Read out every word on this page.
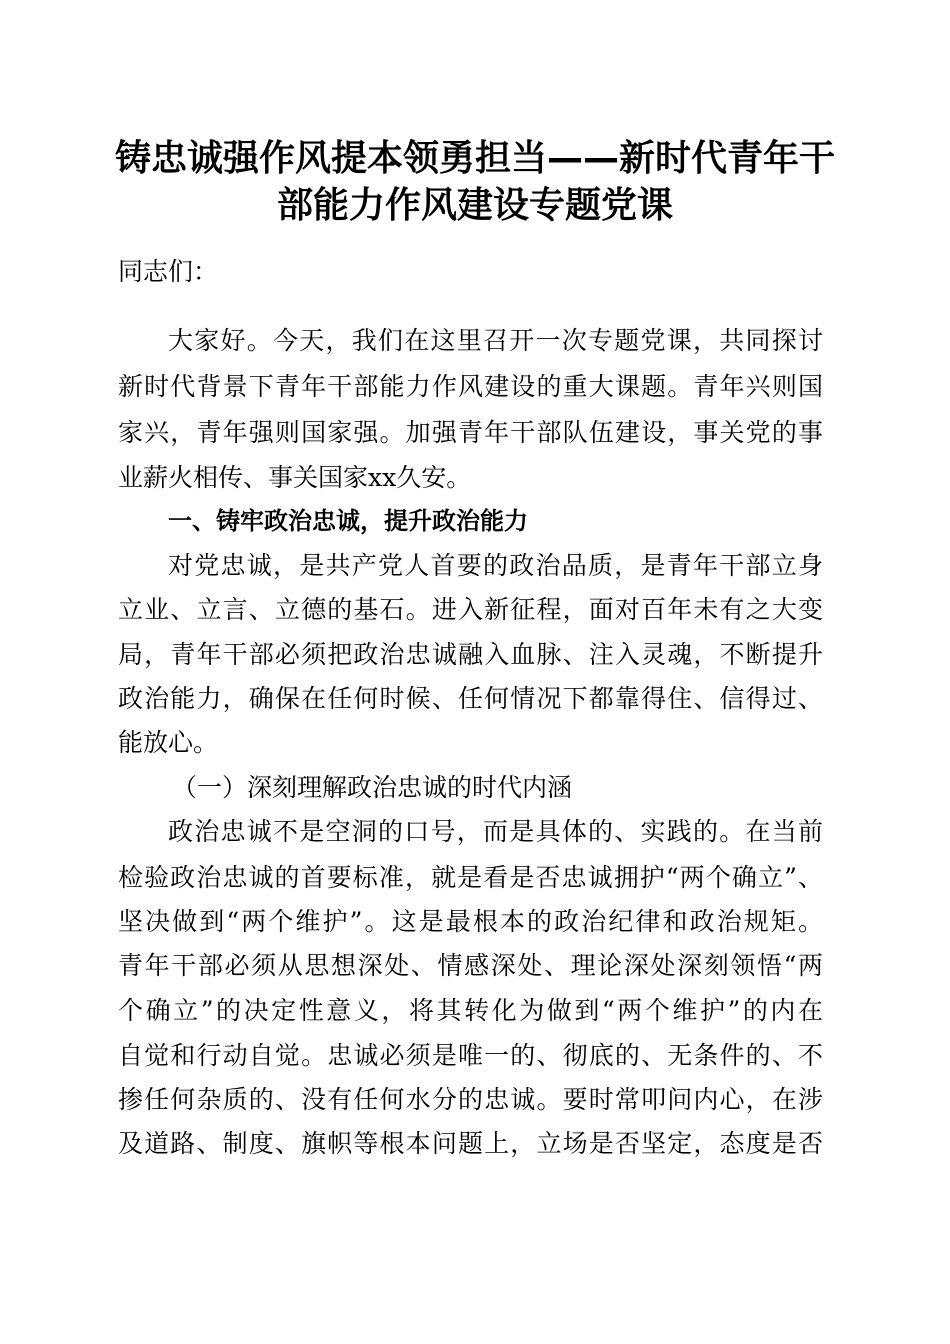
铸忠诚强作风提本领勇担当——新时代青年干
部能力作风建设专题党课
同志们：
大家好。今天，我们在这里召开一次专题党课，共同探讨
新时代背景下青年干部能力作风建设的重大课题。青年兴则国
家兴，青年强则国家强。加强青年干部队伍建设，事关党的事
业薪火相传、事关国家xx久安。
一、铸牢政治忠诚，提升政治能力
对党忠诚，是共产党人首要的政治品质，是青年干部立身
立业、立言、立德的基石。进入新征程，面对百年未有之大变
局，青年干部必须把政治忠诚融入血脉、注入灵魂，不断提升
政治能力，确保在任何时候、任何情况下都靠得住、信得过、
能放心。
（一）深刻理解政治忠诚的时代内涵
政治忠诚不是空洞的口号，而是具体的、实践的。在当前
检验政治忠诚的首要标准，就是看是否忠诚拥护“两个确立”、
坚决做到“两个维护”。这是最根本的政治纪律和政治规矩。
青年干部必须从思想深处、情感深处、理论深处深刻领悟“两
个确立”的决定性意义，将其转化为做到“两个维护”的内在
自觉和行动自觉。忠诚必须是唯一的、彻底的、无条件的、不
掺任何杂质的、没有任何水分的忠诚。要时常叩问内心，在涉
及道路、制度、旗帜等根本问题上，立场是否坚定，态度是否
